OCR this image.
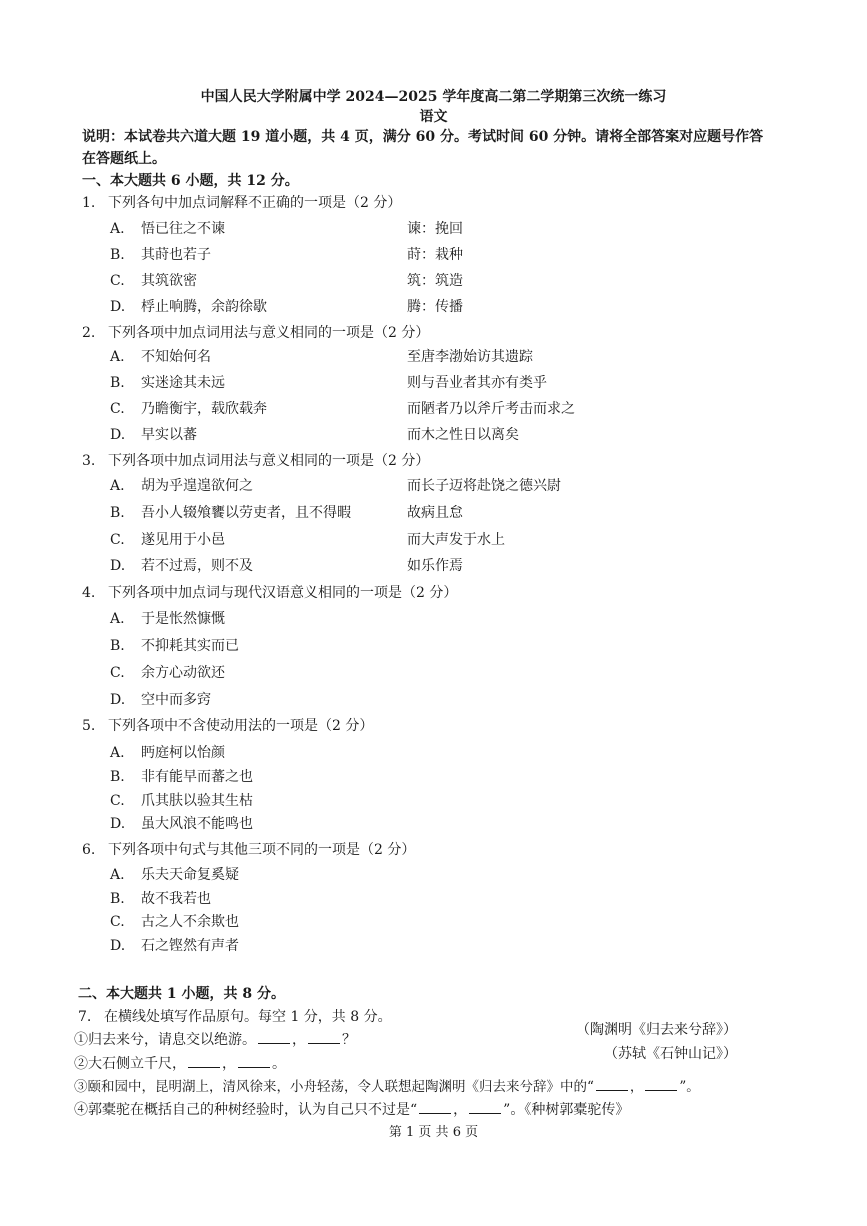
中国人民大学附属中学 2024—2025 学年度高二第二学期第三次统一练习
语文
说明：本试卷共六道大题 19 道小题，共 4 页，满分 60 分。考试时间 60 分钟。请将全部答案对应题号作答
在答题纸上。
一、本大题共 6 小题，共 12 分。
1. 下列各句中加点词解释不正确的一项是（2 分）
A. 悟已往之不谏	谏：挽回
B. 其莳也若子	莳：栽种
C. 其筑欲密	筑：筑造
D. 桴止响腾，余韵徐歇	腾：传播
2. 下列各项中加点词用法与意义相同的一项是（2 分）
A. 不知始何名	至唐李渤始访其遗踪
B. 实迷途其未远	则与吾业者其亦有类乎
C. 乃瞻衡宇，载欣载奔	而陋者乃以斧斤考击而求之
D. 早实以蕃	而木之性日以离矣
3. 下列各项中加点词用法与意义相同的一项是（2 分）
A. 胡为乎遑遑欲何之	而长子迈将赴饶之德兴尉
B. 吾小人辍飧饔以劳吏者，且不得暇	故病且怠
C. 遂见用于小邑	而大声发于水上
D. 若不过焉，则不及	如乐作焉
4. 下列各项中加点词与现代汉语意义相同的一项是（2 分）
A. 于是怅然慷慨
B. 不抑耗其实而已
C. 余方心动欲还
D. 空中而多窍
5. 下列各项中不含使动用法的一项是（2 分）
A. 眄庭柯以怡颜
B. 非有能早而蕃之也
C. 爪其肤以验其生枯
D. 虽大风浪不能鸣也
6. 下列各项中句式与其他三项不同的一项是（2 分）
A. 乐夫天命复奚疑
B. 故不我若也
C. 古之人不余欺也
D. 石之铿然有声者
二、本大题共 1 小题，共 8 分。
7. 在横线处填写作品原句。每空 1 分，共 8 分。
（陶渊明《归去来兮辞》）
①归去来兮，请息交以绝游。	，	？
（苏轼《石钟山记》）
②大石侧立千尺，	，	。
③颐和园中，昆明湖上，清风徐来，小舟轻荡，令人联想起陶渊明《归去来兮辞》中的“	，	”。
④郭橐驼在概括自己的种树经验时，认为自己只不过是“	，	”。《种树郭橐驼传》
第 1 页 共 6 页
